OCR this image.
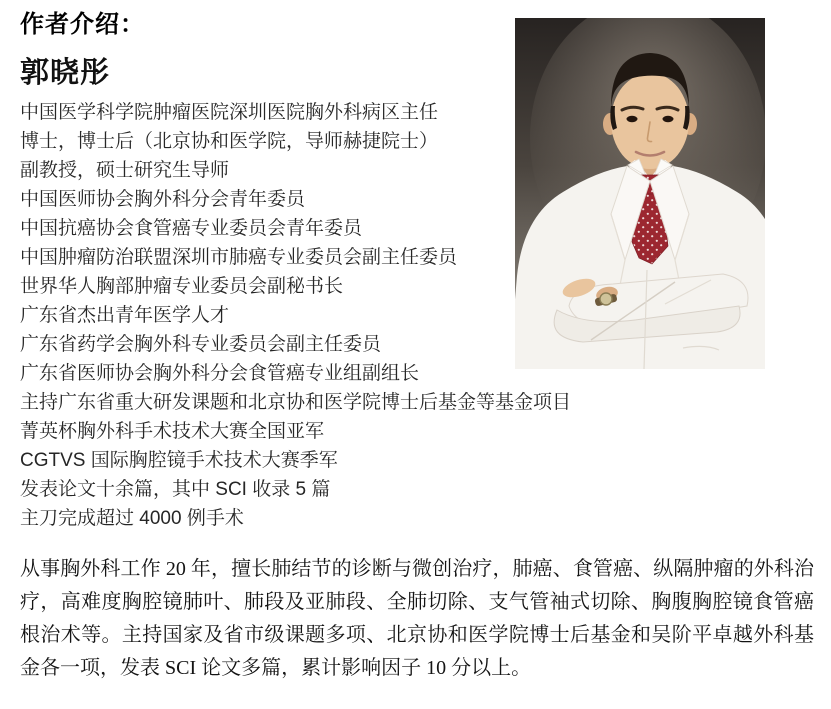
作者介绍：
郭晓彤
中国医学科学院肿瘤医院深圳医院胸外科病区主任
博士，博士后（北京协和医学院，导师赫捷院士）
副教授，硕士研究生导师
中国医师协会胸外科分会青年委员
中国抗癌协会食管癌专业委员会青年委员
中国肿瘤防治联盟深圳市肺癌专业委员会副主任委员
世界华人胸部肿瘤专业委员会副秘书长
广东省杰出青年医学人才
广东省药学会胸外科专业委员会副主任委员
广东省医师协会胸外科分会食管癌专业组副组长
主持广东省重大研发课题和北京协和医学院博士后基金等基金项目
菁英杯胸外科手术技术大赛全国亚军
CGTVS 国际胸腔镜手术技术大赛季军
发表论文十余篇，其中 SCI 收录 5 篇
主刀完成超过 4000 例手术

从事胸外科工作 20 年，擅长肺结节的诊断与微创治疗，肺癌、食管癌、纵隔肿瘤的外科治疗，高难度胸腔镜肺叶、肺段及亚肺段、全肺切除、支气管袖式切除、胸腹胸腔镜食管癌根治术等。主持国家及省市级课题多项、北京协和医学院博士后基金和吴阶平卓越外科基金各一项，发表 SCI 论文多篇，累计影响因子 10 分以上。
